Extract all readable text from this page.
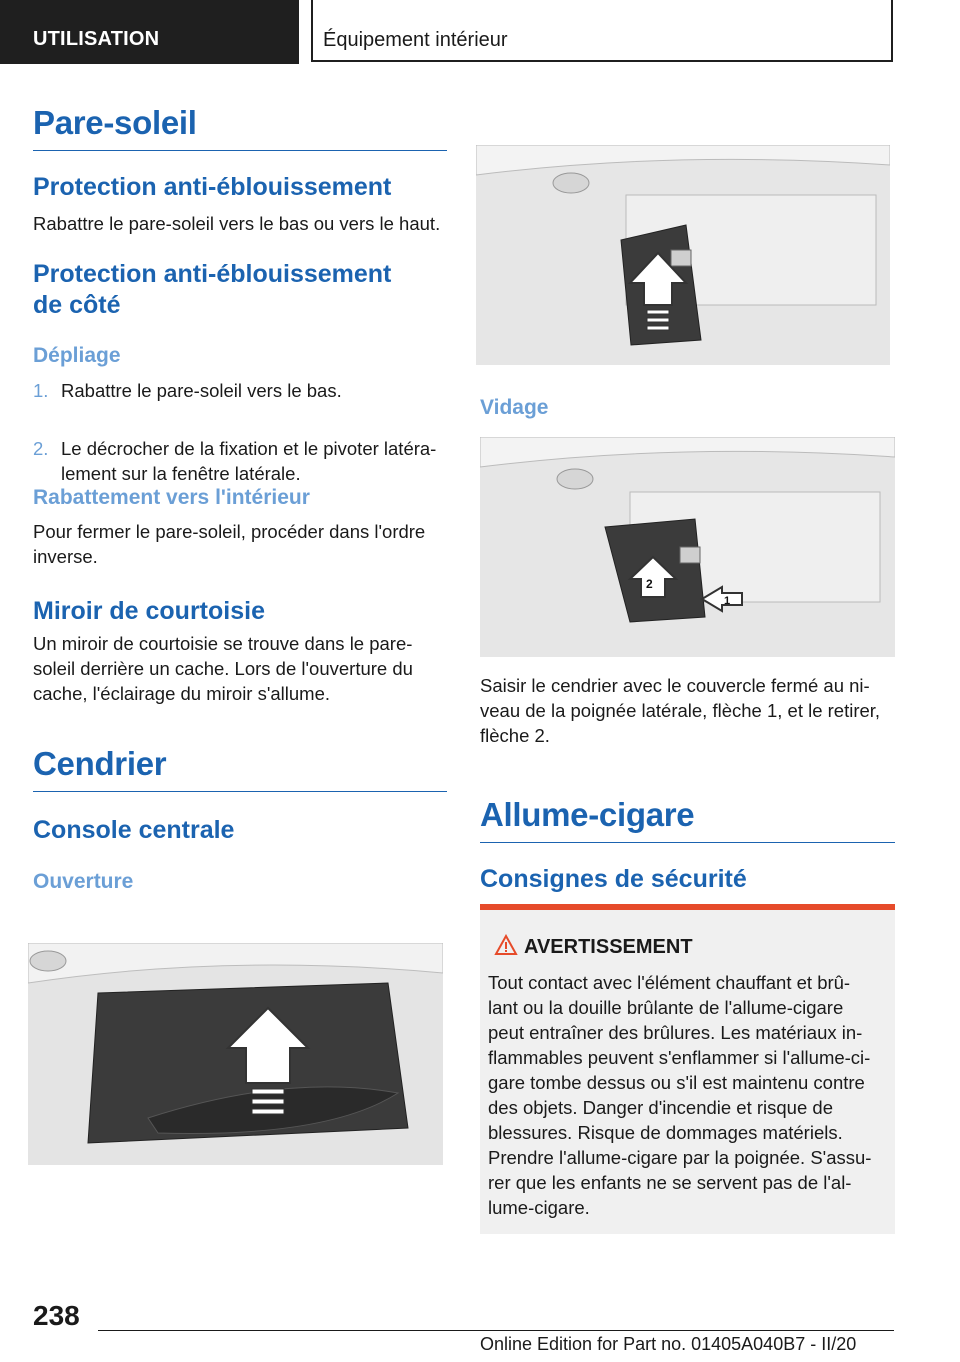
UTILISATION	Équipement intérieur
Pare-soleil
Protection anti-éblouissement
Rabattre le pare-soleil vers le bas ou vers le haut.
Protection anti-éblouissement
de côté
Dépliage
1. Rabattre le pare-soleil vers le bas.
2. Le décrocher de la fixation et le pivoter latéra-
lement sur la fenêtre latérale.
Rabattement vers l'intérieur
Pour fermer le pare-soleil, procéder dans l'ordre
inverse.
Miroir de courtoisie
Un miroir de courtoisie se trouve dans le pare-
soleil derrière un cache. Lors de l'ouverture du
cache, l'éclairage du miroir s'allume.
Cendrier
Console centrale
Ouverture
Vidage
2
1
Saisir le cendrier avec le couvercle fermé au ni-
veau de la poignée latérale, flèche 1, et le retirer,
flèche 2.
Allume-cigare
Consignes de sécurité
AVERTISSEMENT
Tout contact avec l'élément chauffant et brû-
lant ou la douille brûlante de l'allume-cigare
peut entraîner des brûlures. Les matériaux in-
flammables peuvent s'enflammer si l'allume-ci-
gare tombe dessus ou s'il est maintenu contre
des objets. Danger d'incendie et risque de
blessures. Risque de dommages matériels.
Prendre l'allume-cigare par la poignée. S'assu-
rer que les enfants ne se servent pas de l'al-
lume-cigare.
238
Online Edition for Part no. 01405A040B7 - II/20
